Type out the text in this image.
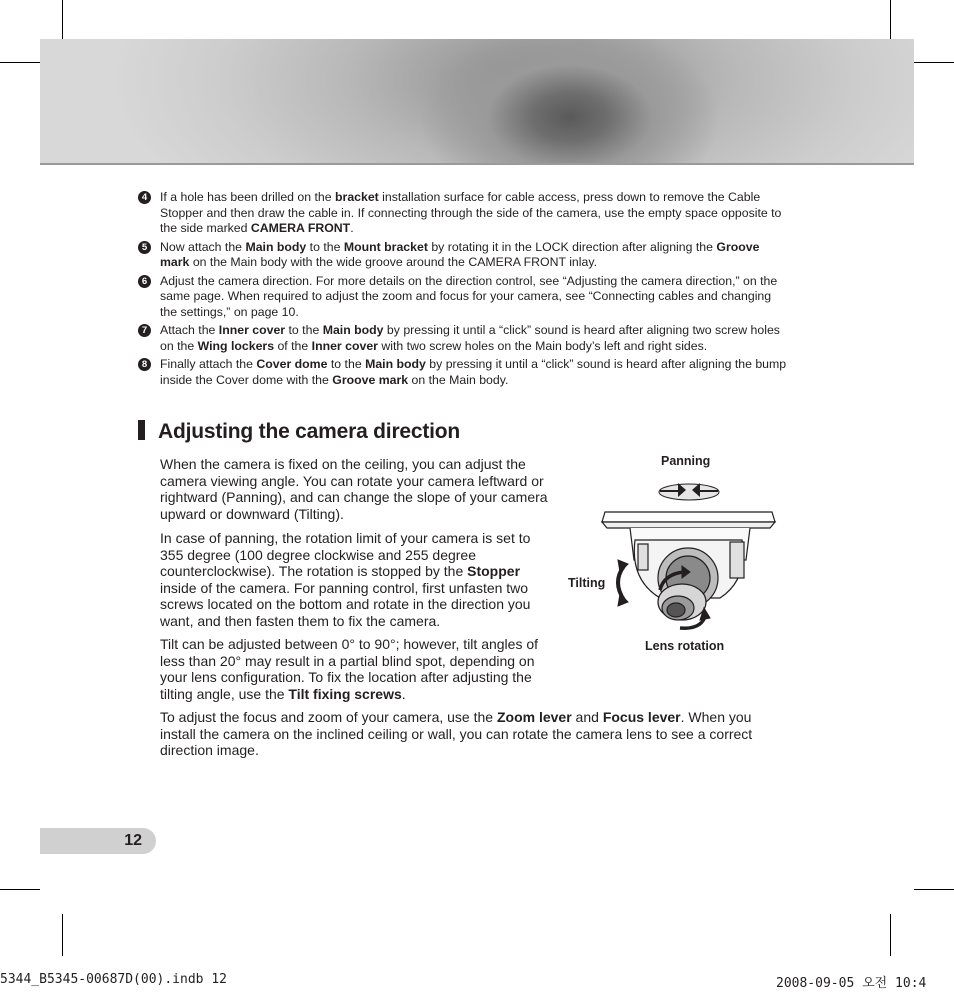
4	If a hole has been drilled on the bracket installation surface for cable access, press down to remove the Cable Stopper and then draw the cable in. If connecting through the side of the camera, use the empty space opposite to the side marked CAMERA FRONT.
5	Now attach the Main body to the Mount bracket by rotating it in the LOCK direction after aligning the Groove mark on the Main body with the wide groove around the CAMERA FRONT inlay.
6	Adjust the camera direction. For more details on the direction control, see “Adjusting the camera direction,” on the same page. When required to adjust the zoom and focus for your camera, see “Connecting cables and changing the settings,” on page 10.
7	Attach the Inner cover to the Main body by pressing it until a “click” sound is heard after aligning two screw holes on the Wing lockers of the Inner cover with two screw holes on the Main body’s left and right sides.
8	Finally attach the Cover dome to the Main body by pressing it until a “click” sound is heard after aligning the bump inside the Cover dome with the Groove mark on the Main body.
Adjusting the camera direction

When the camera is fixed on the ceiling, you can adjust the camera viewing angle. You can rotate your camera leftward or rightward (Panning), and can change the slope of your camera upward or downward (Tilting).

In case of panning, the rotation limit of your camera is set to 355 degree (100 degree clockwise and 255 degree counterclockwise). The rotation is stopped by the Stopper inside of the camera. For panning control, first unfasten two screws located on the bottom and rotate in the direction you want, and then fasten them to fix the camera.

Tilt can be adjusted between 0° to 90°; however, tilt angles of less than 20° may result in a partial blind spot, depending on your lens configuration. To fix the location after adjusting the tilting angle, use the Tilt fixing screws.

To adjust the focus and zoom of your camera, use the Zoom lever and Focus lever. When you install the camera on the inclined ceiling or wall, you can rotate the camera lens to see a correct direction image.

Panning
Tilting
Lens rotation
12
5344_B5345-00687D(00).indb 12	2008-09-05 오전 10:4
